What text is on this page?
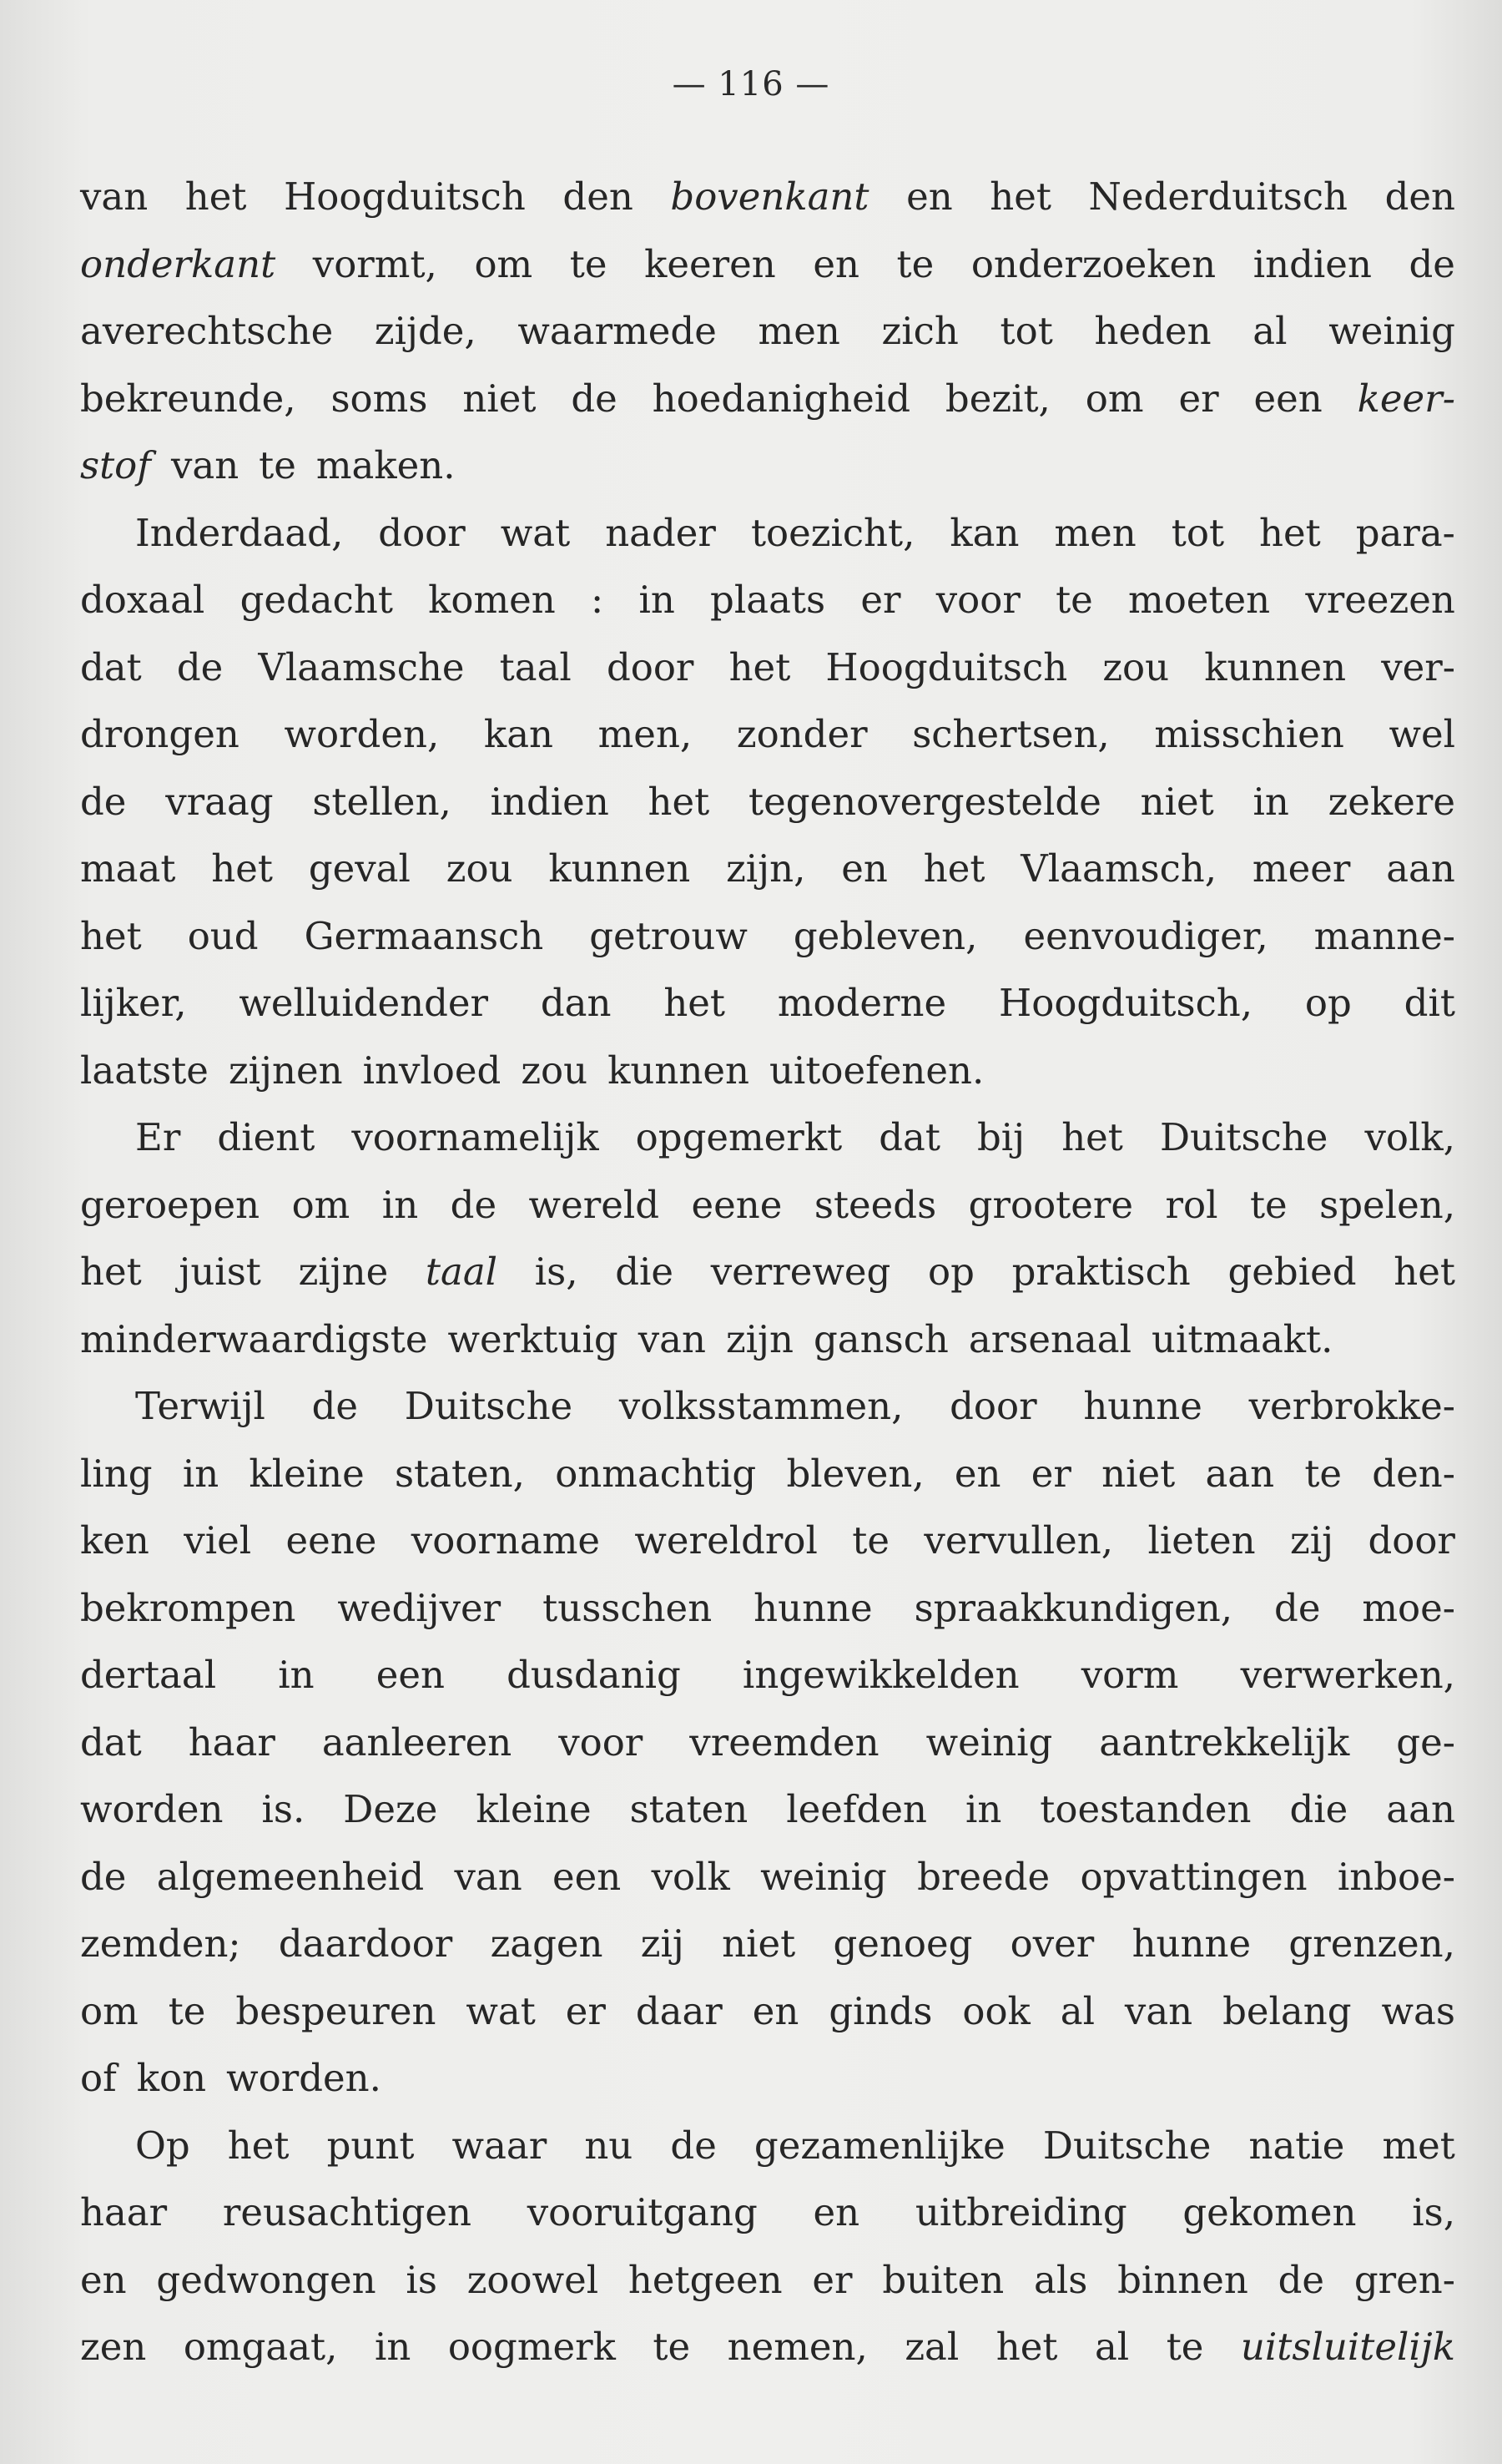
— 116 —
van het Hoogduitsch den bovenkant en het Nederduitsch den
onderkant vormt, om te keeren en te onderzoeken indien de
averechtsche zijde, waarmede men zich tot heden al weinig
bekreunde, soms niet de hoedanigheid bezit, om er een keer-
stof van te maken.
Inderdaad, door wat nader toezicht, kan men tot het para-
doxaal gedacht komen : in plaats er voor te moeten vreezen
dat de Vlaamsche taal door het Hoogduitsch zou kunnen ver-
drongen worden, kan men, zonder schertsen, misschien wel
de vraag stellen, indien het tegenovergestelde niet in zekere
maat het geval zou kunnen zijn, en het Vlaamsch, meer aan
het oud Germaansch getrouw gebleven, eenvoudiger, manne-
lijker, welluidender dan het moderne Hoogduitsch, op dit
laatste zijnen invloed zou kunnen uitoefenen.
Er dient voornamelijk opgemerkt dat bij het Duitsche volk,
geroepen om in de wereld eene steeds grootere rol te spelen,
het juist zijne taal is, die verreweg op praktisch gebied het
minderwaardigste werktuig van zijn gansch arsenaal uitmaakt.
Terwijl de Duitsche volksstammen, door hunne verbrokke-
ling in kleine staten, onmachtig bleven, en er niet aan te den-
ken viel eene voorname wereldrol te vervullen, lieten zij door
bekrompen wedijver tusschen hunne spraakkundigen, de moe-
dertaal in een dusdanig ingewikkelden vorm verwerken,
dat haar aanleeren voor vreemden weinig aantrekkelijk ge-
worden is. Deze kleine staten leefden in toestanden die aan
de algemeenheid van een volk weinig breede opvattingen inboe-
zemden; daardoor zagen zij niet genoeg over hunne grenzen,
om te bespeuren wat er daar en ginds ook al van belang was
of kon worden.
Op het punt waar nu de gezamenlijke Duitsche natie met
haar reusachtigen vooruitgang en uitbreiding gekomen is,
en gedwongen is zoowel hetgeen er buiten als binnen de gren-
zen omgaat, in oogmerk te nemen, zal het al te uitsluitelijk
